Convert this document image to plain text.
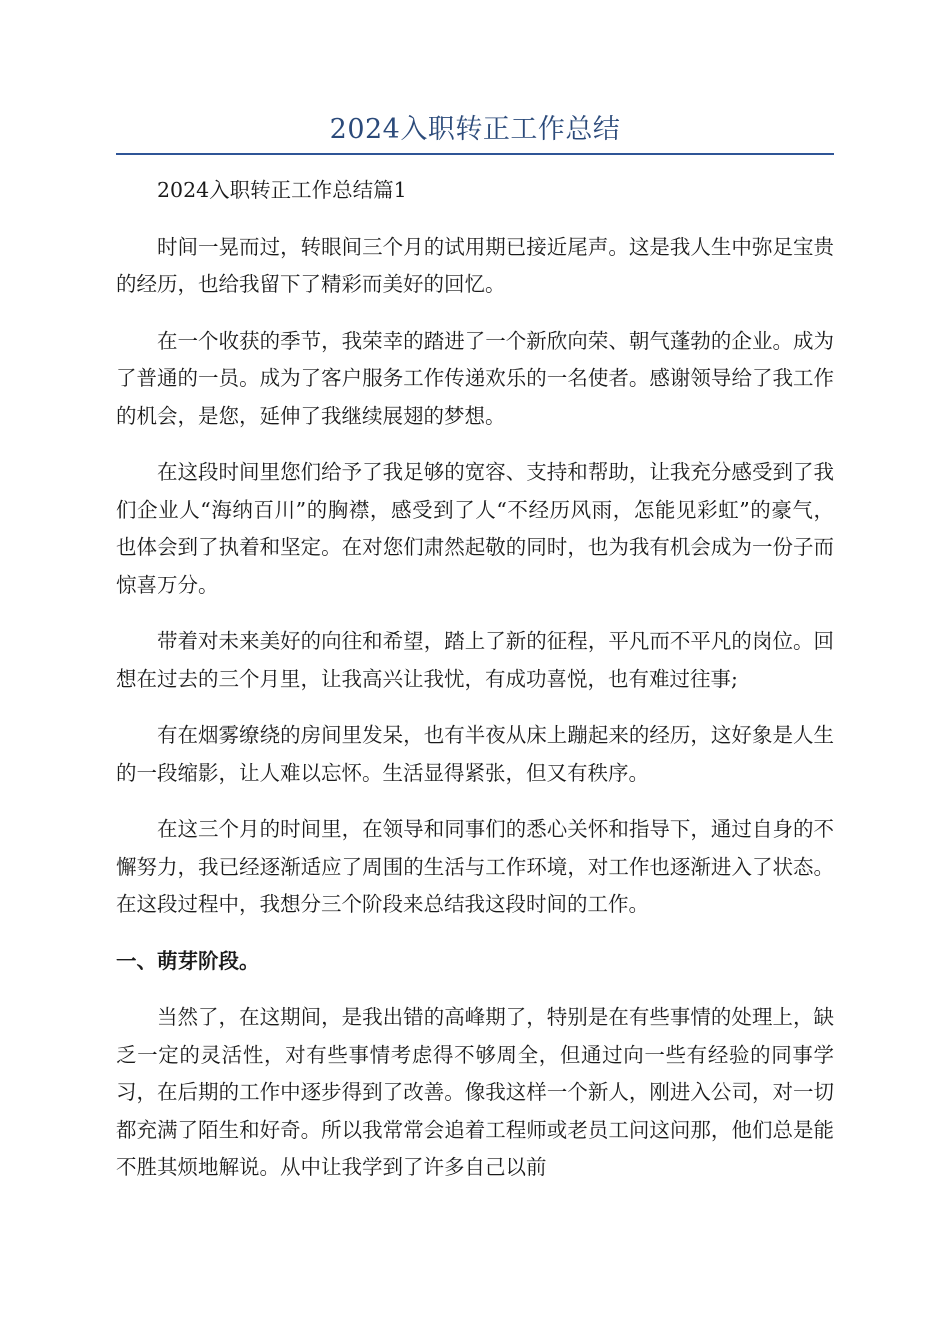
2024入职转正工作总结

2024入职转正工作总结篇1

时间一晃而过，转眼间三个月的试用期已接近尾声。这是我人生中弥足宝贵的经历，也给我留下了精彩而美好的回忆。

在一个收获的季节，我荣幸的踏进了一个新欣向荣、朝气蓬勃的企业。成为了普通的一员。成为了客户服务工作传递欢乐的一名使者。感谢领导给了我工作的机会，是您，延伸了我继续展翅的梦想。

在这段时间里您们给予了我足够的宽容、支持和帮助，让我充分感受到了我们企业人“海纳百川”的胸襟，感受到了人“不经历风雨，怎能见彩虹”的豪气，也体会到了执着和坚定。在对您们肃然起敬的同时，也为我有机会成为一份子而惊喜万分。

带着对未来美好的向往和希望，踏上了新的征程，平凡而不平凡的岗位。回想在过去的三个月里，让我高兴让我忧，有成功喜悦，也有难过往事;

有在烟雾缭绕的房间里发呆，也有半夜从床上蹦起来的经历，这好象是人生的一段缩影，让人难以忘怀。生活显得紧张，但又有秩序。

在这三个月的时间里，在领导和同事们的悉心关怀和指导下，通过自身的不懈努力，我已经逐渐适应了周围的生活与工作环境，对工作也逐渐进入了状态。在这段过程中，我想分三个阶段来总结我这段时间的工作。

一、萌芽阶段。

当然了，在这期间，是我出错的高峰期了，特别是在有些事情的处理上，缺乏一定的灵活性，对有些事情考虑得不够周全，但通过向一些有经验的同事学习，在后期的工作中逐步得到了改善。像我这样一个新人，刚进入公司，对一切都充满了陌生和好奇。所以我常常会追着工程师或老员工问这问那，他们总是能不胜其烦地解说。从中让我学到了许多自己以前
